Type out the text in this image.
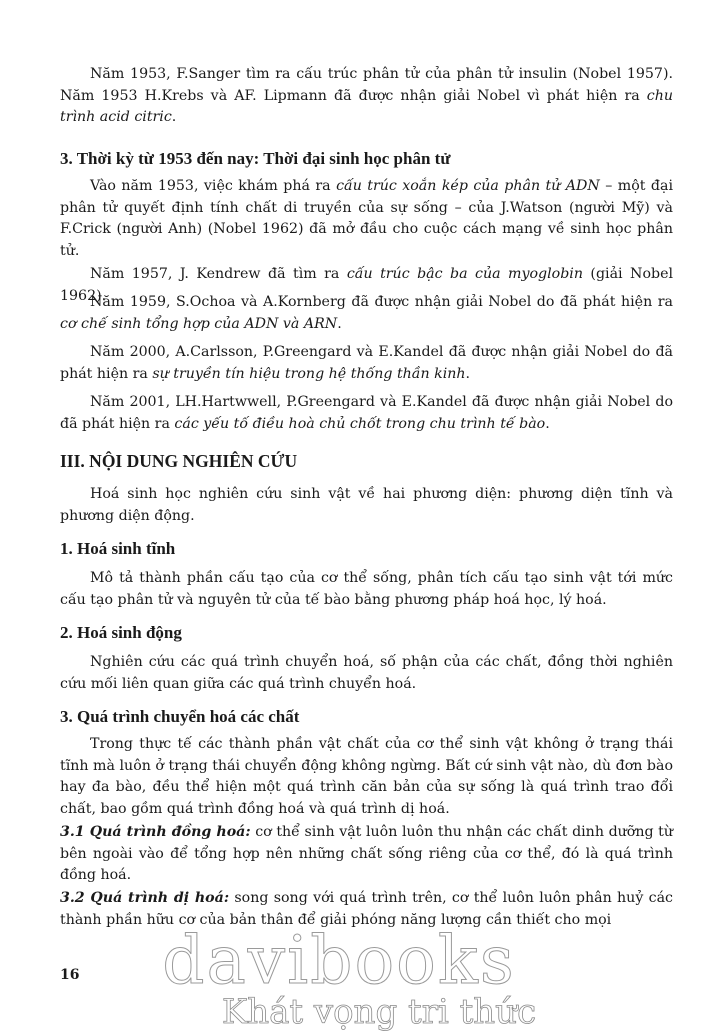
Năm 1953, F.Sanger tìm ra cấu trúc phân tử của phân tử insulin (Nobel 1957). Năm 1953 H.Krebs và AF. Lipmann đã được nhận giải Nobel vì phát hiện ra chu trình acid citric.

3. Thời kỳ từ 1953 đến nay: Thời đại sinh học phân tử

Vào năm 1953, việc khám phá ra cấu trúc xoắn kép của phân tử ADN – một đại phân tử quyết định tính chất di truyền của sự sống – của J.Watson (người Mỹ) và F.Crick (người Anh) (Nobel 1962) đã mở đầu cho cuộc cách mạng về sinh học phân tử.

Năm 1957, J. Kendrew đã tìm ra cấu trúc bậc ba của myoglobin (giải Nobel 1962).

Năm 1959, S.Ochoa và A.Kornberg đã được nhận giải Nobel do đã phát hiện ra cơ chế sinh tổng hợp của ADN và ARN.

Năm 2000, A.Carlsson, P.Greengard và E.Kandel đã được nhận giải Nobel do đã phát hiện ra sự truyền tín hiệu trong hệ thống thần kinh.

Năm 2001, LH.Hartwwell, P.Greengard và E.Kandel đã được nhận giải Nobel do đã phát hiện ra các yếu tố điều hoà chủ chốt trong chu trình tế bào.

III. NỘI DUNG NGHIÊN CỨU

Hoá sinh học nghiên cứu sinh vật về hai phương diện: phương diện tĩnh và phương diện động.

1. Hoá sinh tĩnh

Mô tả thành phần cấu tạo của cơ thể sống, phân tích cấu tạo sinh vật tới mức cấu tạo phân tử và nguyên tử của tế bào bằng phương pháp hoá học, lý hoá.

2. Hoá sinh động

Nghiên cứu các quá trình chuyển hoá, số phận của các chất, đồng thời nghiên cứu mối liên quan giữa các quá trình chuyển hoá.

3. Quá trình chuyển hoá các chất

Trong thực tế các thành phần vật chất của cơ thể sinh vật không ở trạng thái tĩnh mà luôn ở trạng thái chuyển động không ngừng. Bất cứ sinh vật nào, dù đơn bào hay đa bào, đều thể hiện một quá trình căn bản của sự sống là quá trình trao đổi chất, bao gồm quá trình đồng hoá và quá trình dị hoá.

3.1 Quá trình đồng hoá: cơ thể sinh vật luôn luôn thu nhận các chất dinh dưỡng từ bên ngoài vào để tổng hợp nên những chất sống riêng của cơ thể, đó là quá trình đồng hoá.

3.2 Quá trình dị hoá: song song với quá trình trên, cơ thể luôn luôn phân huỷ các thành phần hữu cơ của bản thân để giải phóng năng lượng cần thiết cho mọi

davibooks
Khát vọng tri thức
16
